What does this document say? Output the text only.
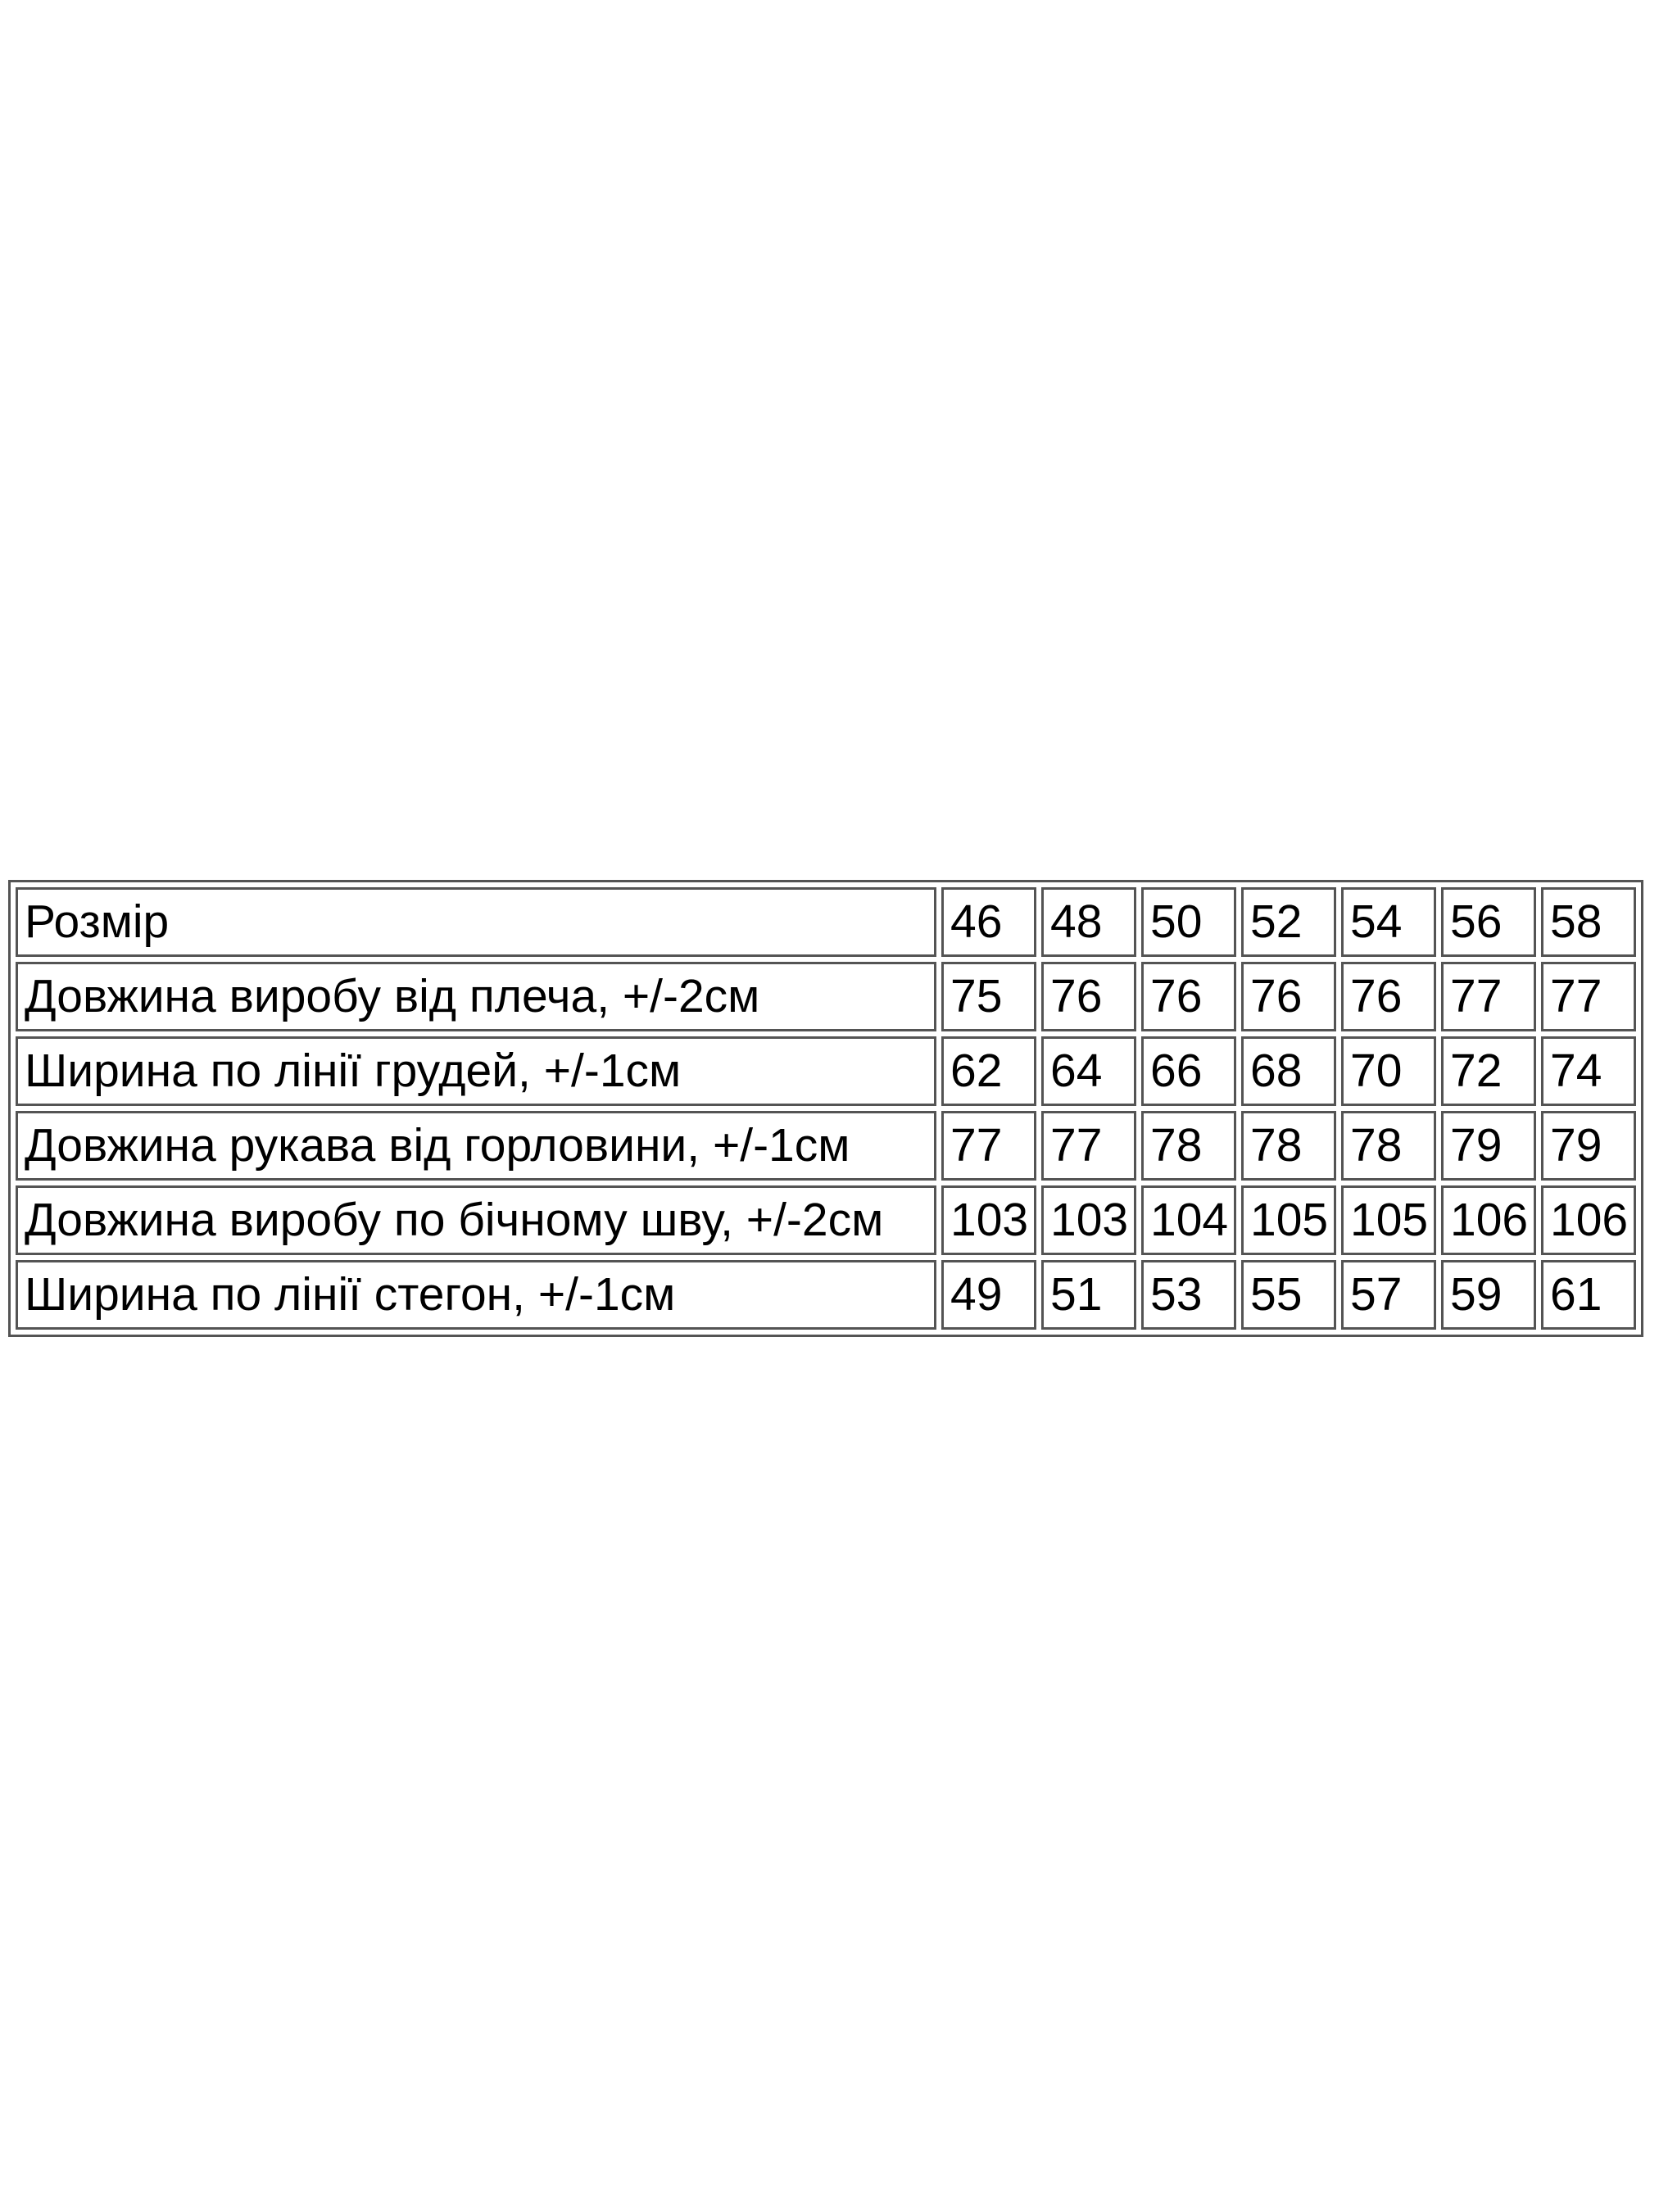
Розмір	46	48	50	52	54	56	58
Довжина виробу від плеча, +/-2см	75	76	76	76	76	77	77
Ширина по лінії грудей, +/-1см	62	64	66	68	70	72	74
Довжина рукава від горловини, +/-1см	77	77	78	78	78	79	79
Довжина виробу по бічному шву, +/-2см	103	103	104	105	105	106	106
Ширина по лінії стегон, +/-1см	49	51	53	55	57	59	61
